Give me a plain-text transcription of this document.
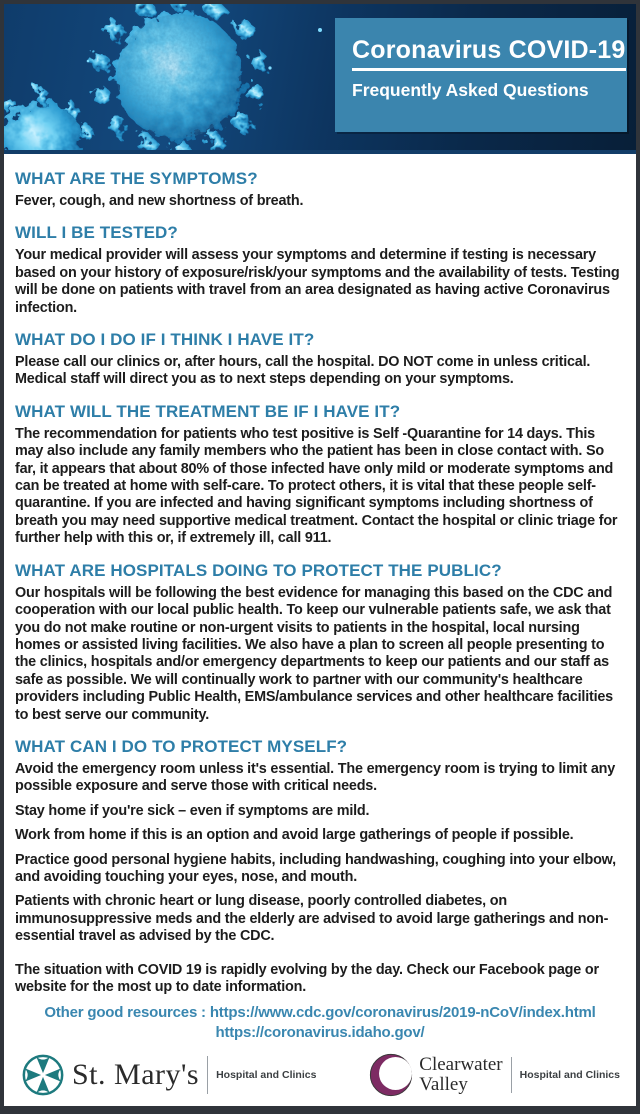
Coronavirus COVID-19
Frequently Asked Questions
WHAT ARE THE SYMPTOMS?

Fever, cough, and new shortness of breath.

WILL I BE TESTED?

Your medical provider will assess your symptoms and determine if testing is necessary based on your history of exposure/risk/your symptoms and the availability of tests. Testing will be done on patients with travel from an area designated as having active Coronavirus infection.

WHAT DO I DO IF I THINK I HAVE IT?

Please call our clinics or, after hours, call the hospital. DO NOT come in unless critical. Medical staff will direct you as to next steps depending on your symptoms.

WHAT WILL THE TREATMENT BE IF I HAVE IT?

The recommendation for patients who test positive is Self -Quarantine for 14 days. This may also include any family members who the patient has been in close contact with. So far, it appears that about 80% of those infected have only mild or moderate symptoms and can be treated at home with self-care. To protect others, it is vital that these people self-quarantine. If you are infected and having significant symptoms including shortness of breath you may need supportive medical treatment. Contact the hospital or clinic triage for further help with this or, if extremely ill, call 911.

WHAT ARE HOSPITALS DOING TO PROTECT THE PUBLIC?

Our hospitals will be following the best evidence for managing this based on the CDC and cooperation with our local public health. To keep our vulnerable patients safe, we ask that you do not make routine or non-urgent visits to patients in the hospital, local nursing homes or assisted living facilities. We also have a plan to screen all people presenting to the clinics, hospitals and/or emergency departments to keep our patients and our staff as safe as possible. We will continually work to partner with our community's healthcare providers including Public Health, EMS/ambulance services and other healthcare facilities to best serve our community.

WHAT CAN I DO TO PROTECT MYSELF?

Avoid the emergency room unless it's essential. The emergency room is trying to limit any possible exposure and serve those with critical needs.

Stay home if you're sick – even if symptoms are mild.

Work from home if this is an option and avoid large gatherings of people if possible.

Practice good personal hygiene habits, including handwashing, coughing into your elbow, and avoiding touching your eyes, nose, and mouth.

Patients with chronic heart or lung disease, poorly controlled diabetes, on immunosuppressive meds and the elderly are advised to avoid large gatherings and non-essential travel as advised by the CDC.

The situation with COVID 19 is rapidly evolving by the day. Check our Facebook page or website for the most up to date information.

Other good resources : https://www.cdc.gov/coronavirus/2019-nCoV/index.html
https://coronavirus.idaho.gov/
St. Mary's Hospital and Clinics	Clearwater
Valley	Hospital and Clinics
